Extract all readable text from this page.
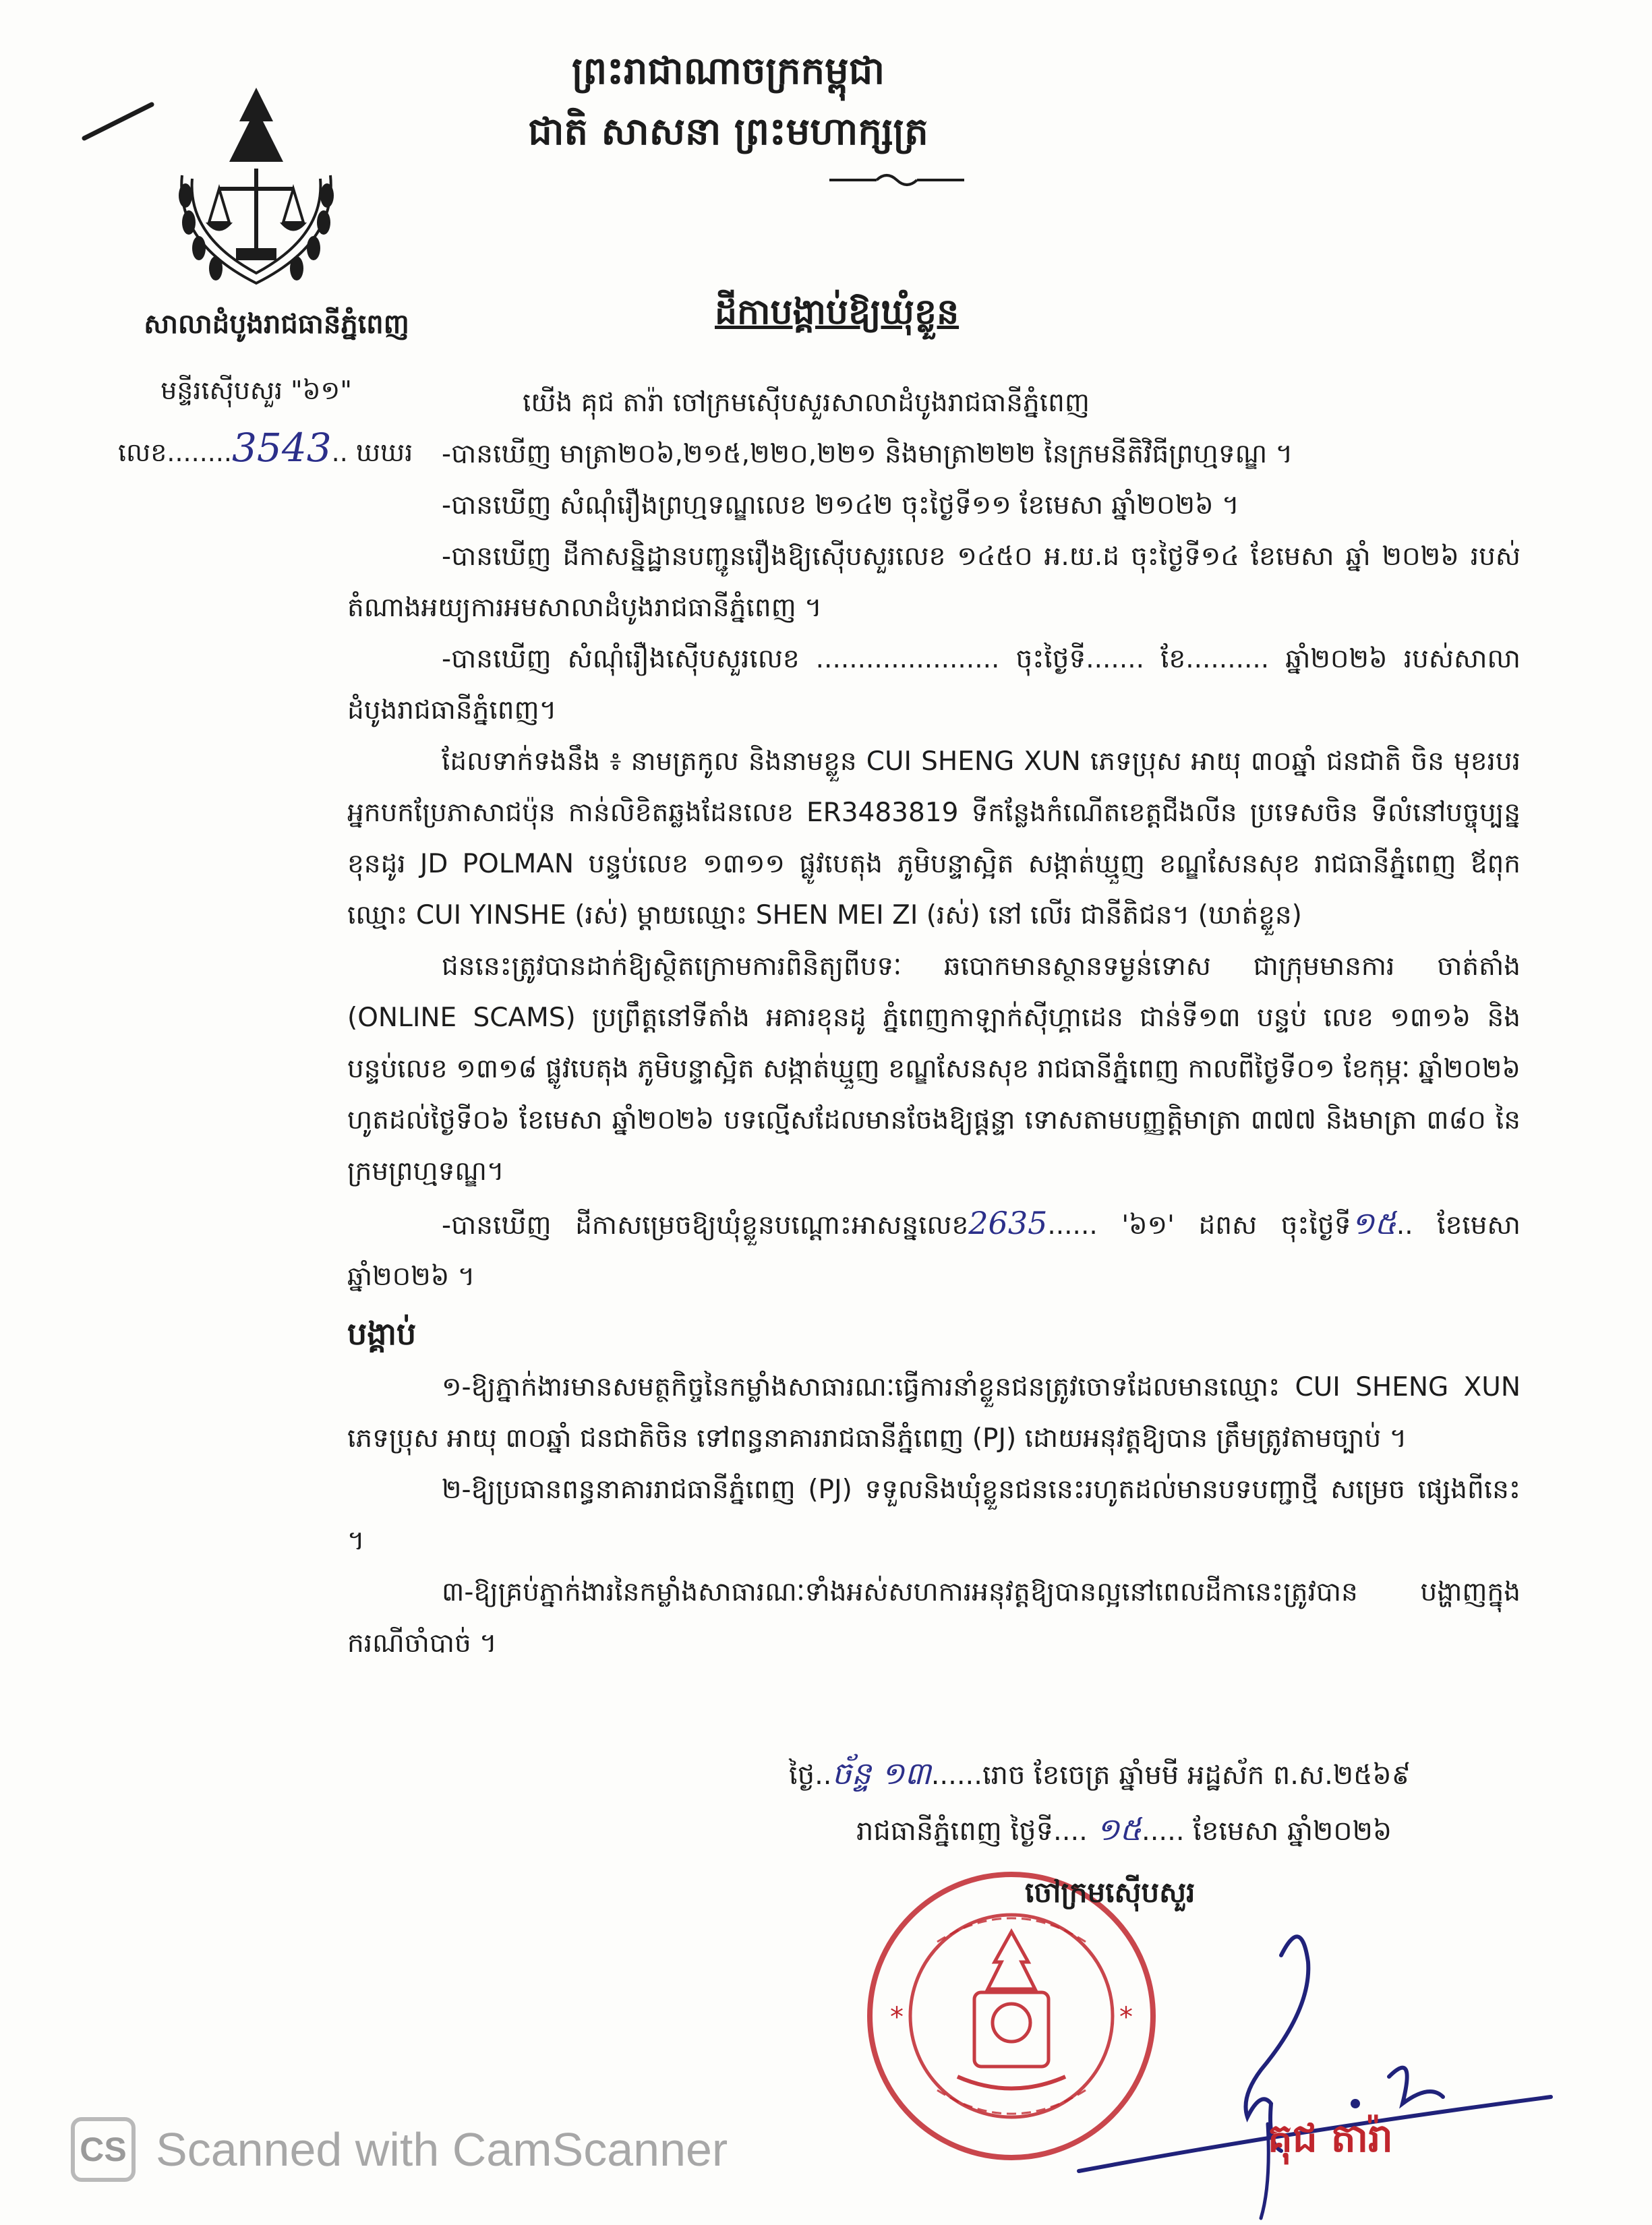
ព្រះរាជាណាចក្រកម្ពុជា
ជាតិ សាសនា ព្រះមហាក្សត្រ
សាលាដំបូងរាជធានីភ្នំពេញ
មន្ទីរស៊ើបសួរ "៦១"
លេខ........3543.. ឃឃរ
ដីកាបង្គាប់ឱ្យឃុំខ្លួន

យើង គុជ តារ៉ា ចៅក្រមស៊ើបសួរសាលាដំបូងរាជធានីភ្នំពេញ

-បានឃើញ មាត្រា២០៦,២១៥,២២០,២២១ និងមាត្រា២២២ នៃក្រមនីតិវិធីព្រហ្មទណ្ឌ ។

-បានឃើញ សំណុំរឿងព្រហ្មទណ្ឌលេខ ២១៤២ ចុះថ្ងៃទី១១ ខែមេសា ឆ្នាំ២០២៦ ។

-បានឃើញ ដីកាសន្និដ្ឋានបញ្ជូនរឿងឱ្យស៊ើបសួរលេខ ១៤៥០ អ.យ.ដ ចុះថ្ងៃទី១៤ ខែមេសា ឆ្នាំ ២០២៦ របស់តំណាងអយ្យការអមសាលាដំបូងរាជធានីភ្នំពេញ ។

-បានឃើញ សំណុំរឿងស៊ើបសួរលេខ ...................... ចុះថ្ងៃទី....... ខែ.......... ឆ្នាំ២០២៦ របស់សាលាដំបូងរាជធានីភ្នំពេញ។

ដែលទាក់ទងនឹង ៖ នាមត្រកូល និងនាមខ្លួន CUI SHENG XUN ភេទប្រុស អាយុ ៣០ឆ្នាំ ជនជាតិ ចិន មុខរបរ អ្នកបកប្រែភាសាជប៉ុន កាន់លិខិតឆ្លងដែនលេខ ER3483819 ទីកន្លែងកំណើតខេត្តជីងលីន ប្រទេសចិន ទីលំនៅបច្ចុប្បន្ន ខុនដូរ JD POLMAN បន្ទប់លេខ ១៣១១ ផ្លូវបេតុង ភូមិបន្ទាស្អិត សង្កាត់ឃ្មួញ ខណ្ឌសែនសុខ រាជធានីភ្នំពេញ ឪពុកឈ្មោះ CUI YINSHE (រស់) ម្ដាយឈ្មោះ SHEN MEI ZI (រស់) នៅ លើរ ជានីតិជន។ (ឃាត់ខ្លួន)

ជននេះត្រូវបានដាក់ឱ្យស្ថិតក្រោមការពិនិត្យពីបទៈ ឆបោកមានស្ថានទម្ងន់ទោស ជាក្រុមមានការ ចាត់តាំង (ONLINE SCAMS) ប្រព្រឹត្តនៅទីតាំង អគារខុនដូ ភ្នំពេញកាឡាក់ស៊ីហ្គាដេន ជាន់ទី១៣ បន្ទប់ លេខ ១៣១៦ និងបន្ទប់លេខ ១៣១៨ ផ្លូវបេតុង ភូមិបន្ទាស្អិត សង្កាត់ឃ្មួញ ខណ្ឌសែនសុខ រាជធានីភ្នំពេញ កាលពីថ្ងៃទី០១ ខែកុម្ភៈ ឆ្នាំ២០២៦ ហូតដល់ថ្ងៃទី០៦ ខែមេសា ឆ្នាំ២០២៦ បទល្មើសដែលមានចែងឱ្យផ្ដន្ទា ទោសតាមបញ្ញត្តិមាត្រា ៣៧៧ និងមាត្រា ៣៨០ នៃក្រមព្រហ្មទណ្ឌ។

-បានឃើញ ដីកាសម្រេចឱ្យឃុំខ្លួនបណ្ដោះអាសន្នលេខ2635...... '៦១' ដពស ចុះថ្ងៃទី១៥.. ខែមេសា ឆ្នាំ២០២៦ ។

បង្គាប់

១-ឱ្យភ្នាក់ងារមានសមត្ថកិច្ចនៃកម្លាំងសាធារណៈធ្វើការនាំខ្លួនជនត្រូវចោទដែលមានឈ្មោះ CUI SHENG XUN ភេទប្រុស អាយុ ៣០ឆ្នាំ ជនជាតិចិន ទៅពន្ធនាគាររាជធានីភ្នំពេញ (PJ) ដោយអនុវត្តឱ្យបាន ត្រឹមត្រូវតាមច្បាប់ ។

២-ឱ្យប្រធានពន្ធនាគាររាជធានីភ្នំពេញ (PJ) ទទួលនិងឃុំខ្លួនជននេះរហូតដល់មានបទបញ្ជាថ្មី សម្រេច ផ្សេងពីនេះ ។

៣-ឱ្យគ្រប់ភ្នាក់ងារនៃកម្លាំងសាធារណៈទាំងអស់សហការអនុវត្តឱ្យបានល្អនៅពេលដីកានេះត្រូវបាន បង្ហាញក្នុងករណីចាំបាច់ ។

ថ្ងៃ..ច័ន្ទ ១៣......រោច ខែចេត្រ ឆ្នាំមមី អដ្ឋស័ក ព.ស.២៥៦៩
រាជធានីភ្នំពេញ ថ្ងៃទី.... ១៥..... ខែមេសា ឆ្នាំ២០២៦
*	*
ចៅក្រមស៊ើបសួរ
គុជ តារ៉ា
CS Scanned with CamScanner
